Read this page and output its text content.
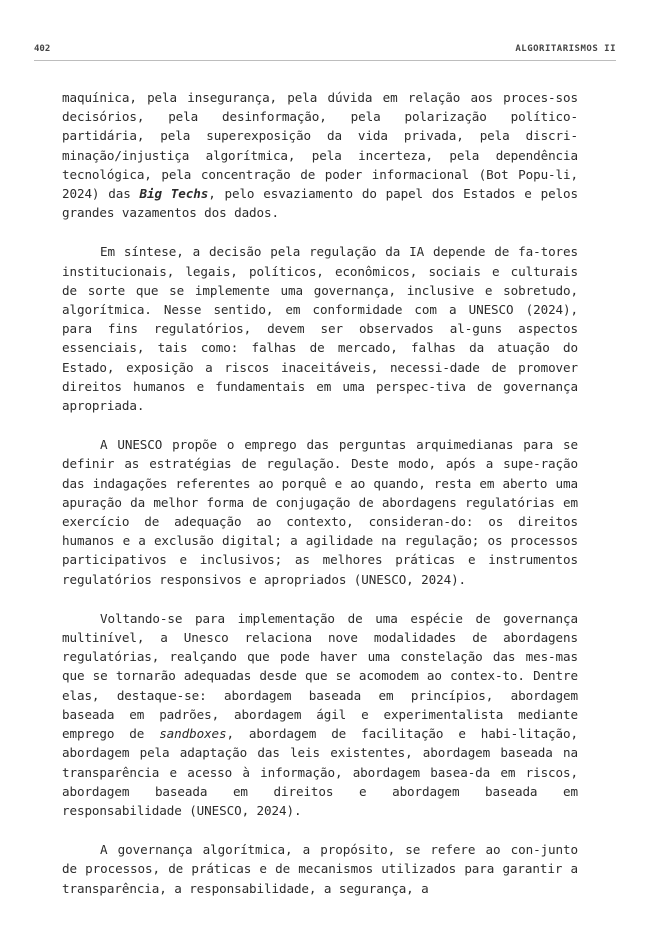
402	ALGORITARISMOS II

maquínica, pela insegurança, pela dúvida em relação aos proces-sos decisórios, pela desinformação, pela polarização político-partidária, pela superexposição da vida privada, pela discri-minação/injustiça algorítmica, pela incerteza, pela dependência tecnológica, pela concentração de poder informacional (Bot Popu-li, 2024) das Big Techs, pelo esvaziamento do papel dos Estados e pelos grandes vazamentos dos dados.

Em síntese, a decisão pela regulação da IA depende de fa-tores institucionais, legais, políticos, econômicos, sociais e culturais de sorte que se implemente uma governança, inclusive e sobretudo, algorítmica. Nesse sentido, em conformidade com a UNESCO (2024), para fins regulatórios, devem ser observados al-guns aspectos essenciais, tais como: falhas de mercado, falhas da atuação do Estado, exposição a riscos inaceitáveis, necessi-dade de promover direitos humanos e fundamentais em uma perspec-tiva de governança apropriada.

A UNESCO propõe o emprego das perguntas arquimedianas para se definir as estratégias de regulação. Deste modo, após a supe-ração das indagações referentes ao porquê e ao quando, resta em aberto uma apuração da melhor forma de conjugação de abordagens regulatórias em exercício de adequação ao contexto, consideran-do: os direitos humanos e a exclusão digital; a agilidade na regulação; os processos participativos e inclusivos; as melhores práticas e instrumentos regulatórios responsivos e apropriados (UNESCO, 2024).

Voltando-se para implementação de uma espécie de governança multinível, a Unesco relaciona nove modalidades de abordagens regulatórias, realçando que pode haver uma constelação das mes-mas que se tornarão adequadas desde que se acomodem ao contex-to. Dentre elas, destaque-se: abordagem baseada em princípios, abordagem baseada em padrões, abordagem ágil e experimentalista mediante emprego de sandboxes, abordagem de facilitação e habi-litação, abordagem pela adaptação das leis existentes, abordagem baseada na transparência e acesso à informação, abordagem basea-da em riscos, abordagem baseada em direitos e abordagem baseada em responsabilidade (UNESCO, 2024).

A governança algorítmica, a propósito, se refere ao con-junto de processos, de práticas e de mecanismos utilizados para garantir a transparência, a responsabilidade, a segurança, a
